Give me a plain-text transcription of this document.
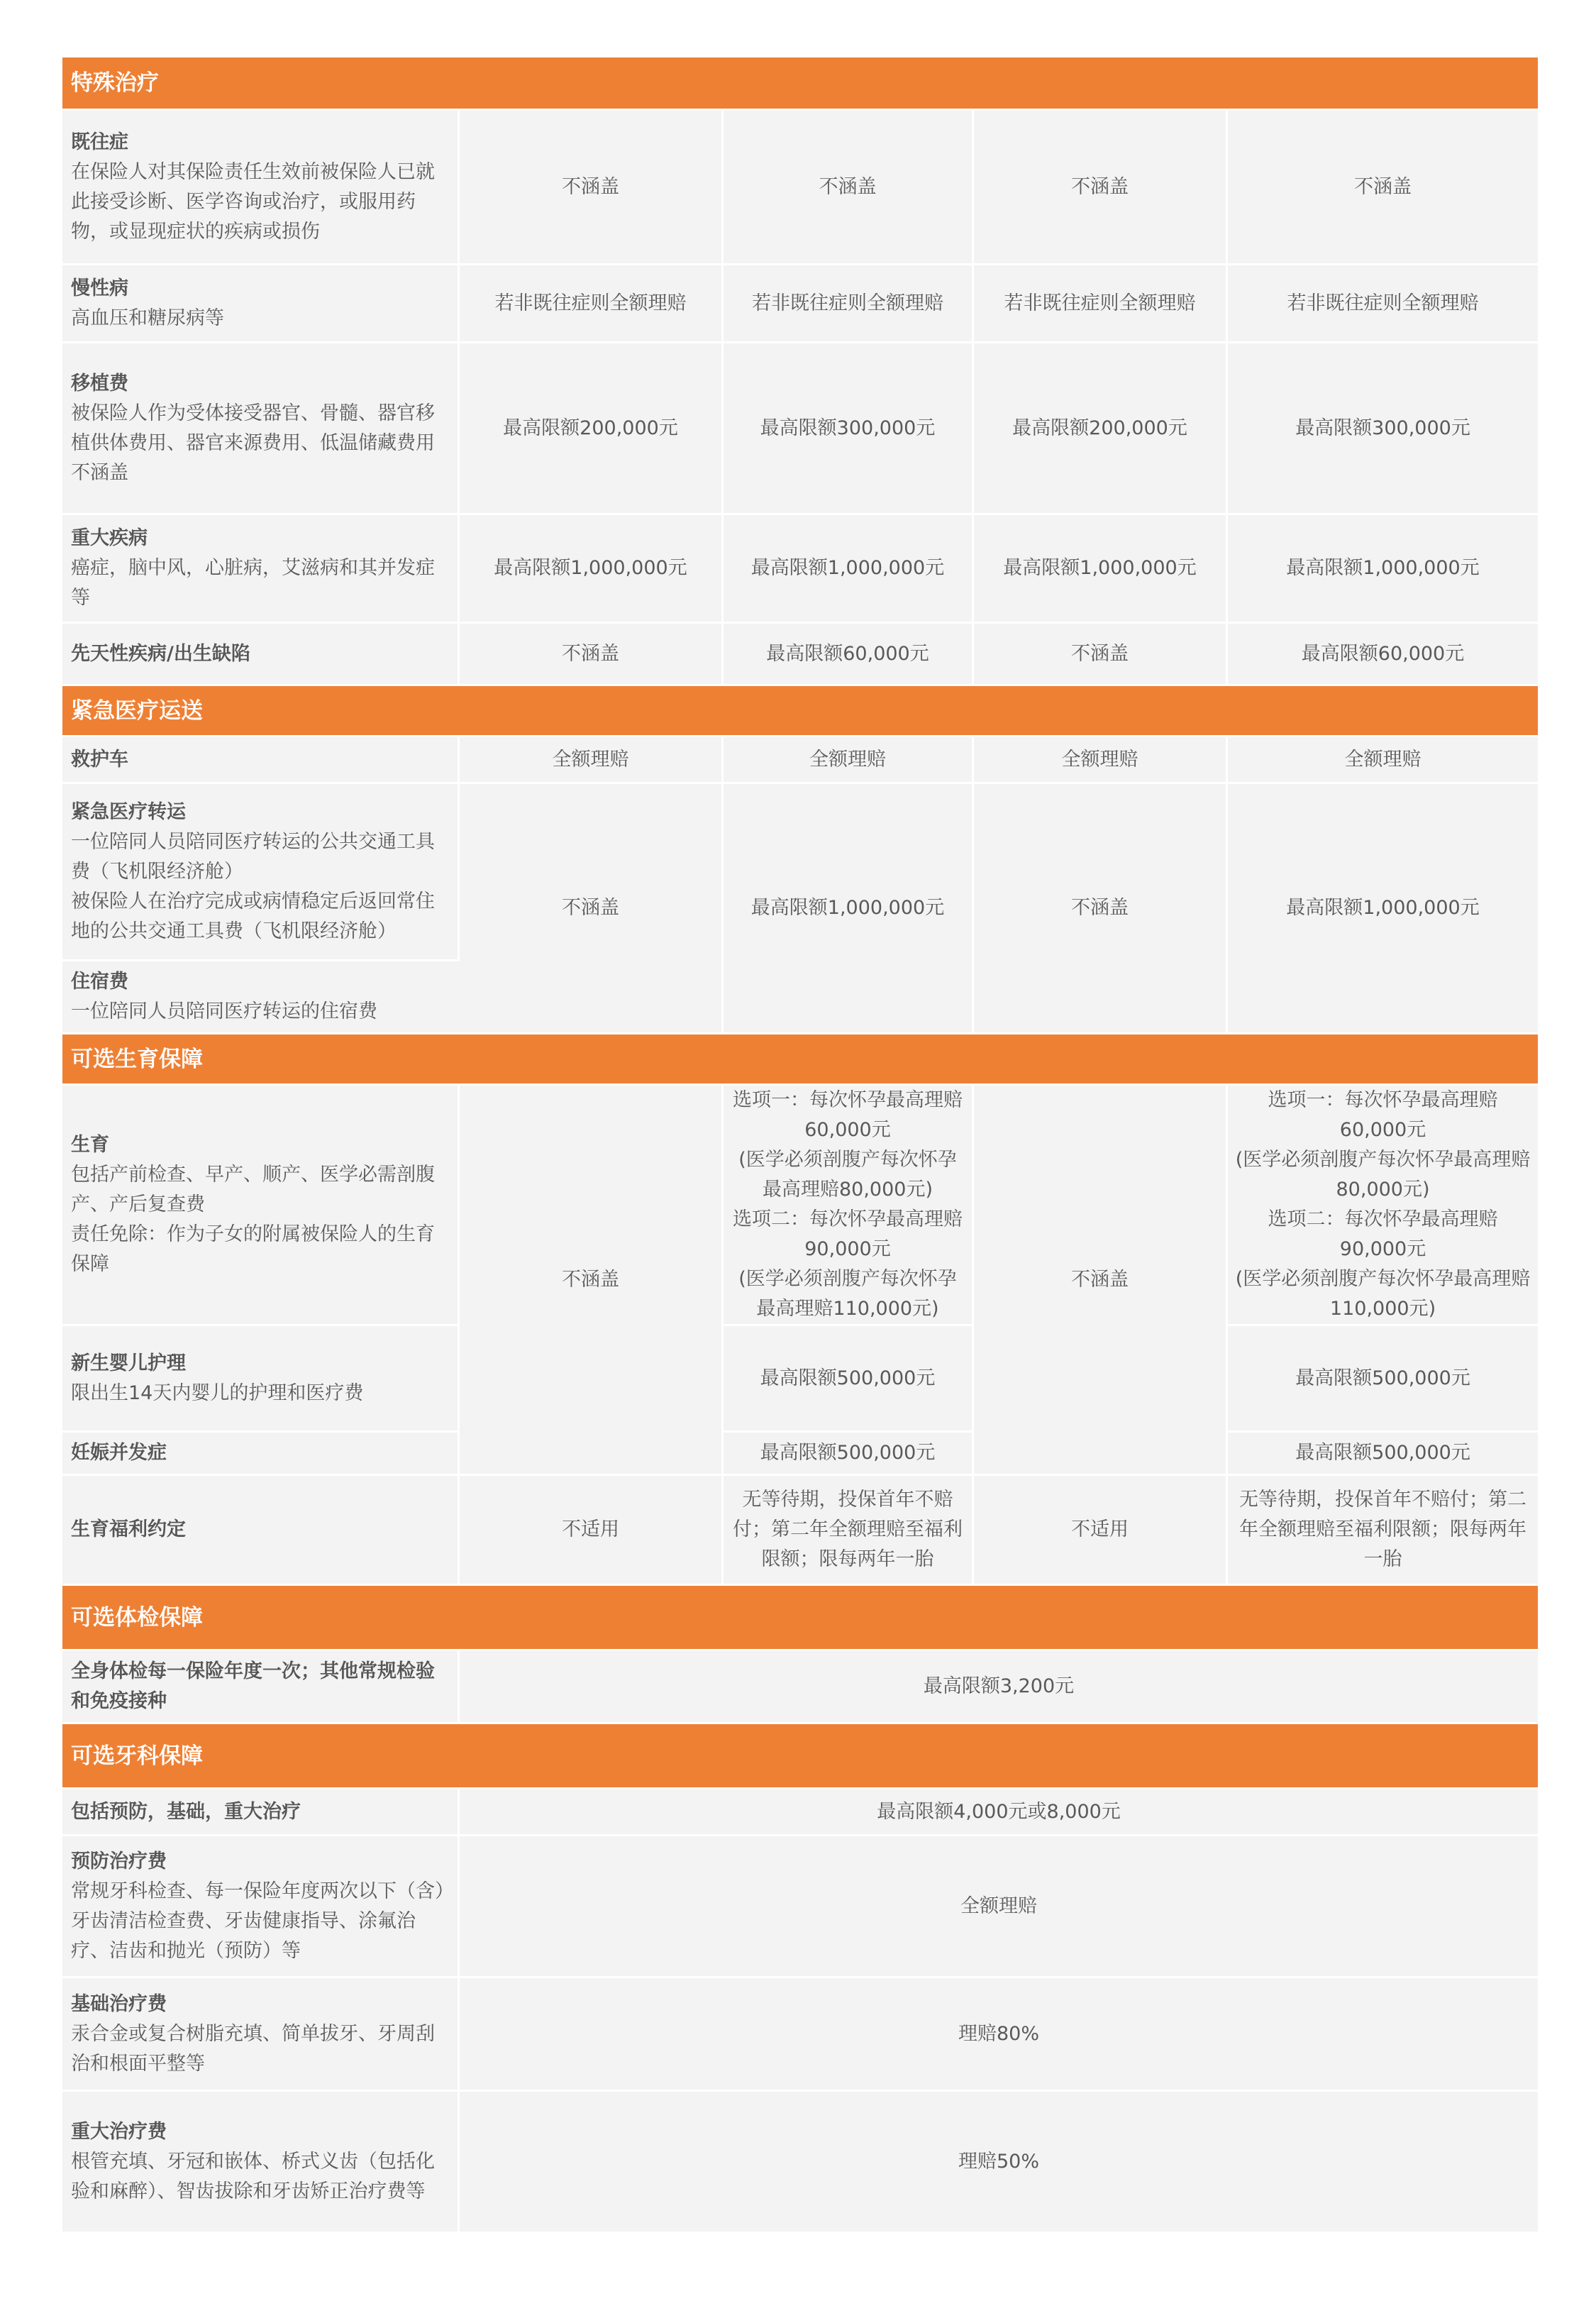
特殊治疗				

既往症
在保险人对其保险责任生效前被保险人已就此接受诊断、医学咨询或治疗，或服用药物，或显现症状的疾病或损伤	不涵盖	不涵盖	不涵盖	不涵盖

慢性病
高血压和糖尿病等	若非既往症则全额理赔	若非既往症则全额理赔	若非既往症则全额理赔	若非既往症则全额理赔

移植费
被保险人作为受体接受器官、骨髓、器官移植供体费用、器官来源费用、低温储藏费用不涵盖	最高限额200,000元	最高限额300,000元	最高限额200,000元	最高限额300,000元

重大疾病
癌症，脑中风，心脏病，艾滋病和其并发症等	最高限额1,000,000元	最高限额1,000,000元	最高限额1,000,000元	最高限额1,000,000元

先天性疾病/出生缺陷	不涵盖	最高限额60,000元	不涵盖	最高限额60,000元
紧急医疗运送				

救护车	全额理赔	全额理赔	全额理赔	全额理赔

紧急医疗转运
一位陪同人员陪同医疗转运的公共交通工具费（飞机限经济舱）
被保险人在治疗完成或病情稳定后返回常住地的公共交通工具费（飞机限经济舱）	不涵盖	最高限额1,000,000元	不涵盖	最高限额1,000,000元

住宿费
一位陪同人员陪同医疗转运的住宿费				

可选生育保障				

生育
包括产前检查、早产、顺产、医学必需剖腹产、产后复查费
责任免除：作为子女的附属被保险人的生育保障	不涵盖	选项一：每次怀孕最高理赔60,000元
(医学必须剖腹产每次怀孕最高理赔80,000元)
选项二：每次怀孕最高理赔90,000元
(医学必须剖腹产每次怀孕最高理赔110,000元)	不涵盖	选项一：每次怀孕最高理赔60,000元
(医学必须剖腹产每次怀孕最高理赔80,000元)
选项二：每次怀孕最高理赔90,000元
(医学必须剖腹产每次怀孕最高理赔110,000元)

新生婴儿护理
限出生14天内婴儿的护理和医疗费		最高限额500,000元		最高限额500,000元

妊娠并发症		最高限额500,000元		最高限额500,000元

生育福利约定	不适用	无等待期，投保首年不赔付；第二年全额理赔至福利限额；限每两年一胎	不适用	无等待期，投保首年不赔付；第二年全额理赔至福利限额；限每两年一胎
可选体检保障				

全身体检每一保险年度一次；其他常规检验和免疫接种	最高限额3,200元			
可选牙科保障				

包括预防，基础，重大治疗	最高限额4,000元或8,000元			

预防治疗费
常规牙科检查、每一保险年度两次以下（含）牙齿清洁检查费、牙齿健康指导、涂氟治疗、洁齿和抛光（预防）等	全额理赔			

基础治疗费
汞合金或复合树脂充填、简单拔牙、牙周刮治和根面平整等	理赔80%			

重大治疗费
根管充填、牙冠和嵌体、桥式义齿（包括化验和麻醉）、智齿拔除和牙齿矫正治疗费等	理赔50%			
